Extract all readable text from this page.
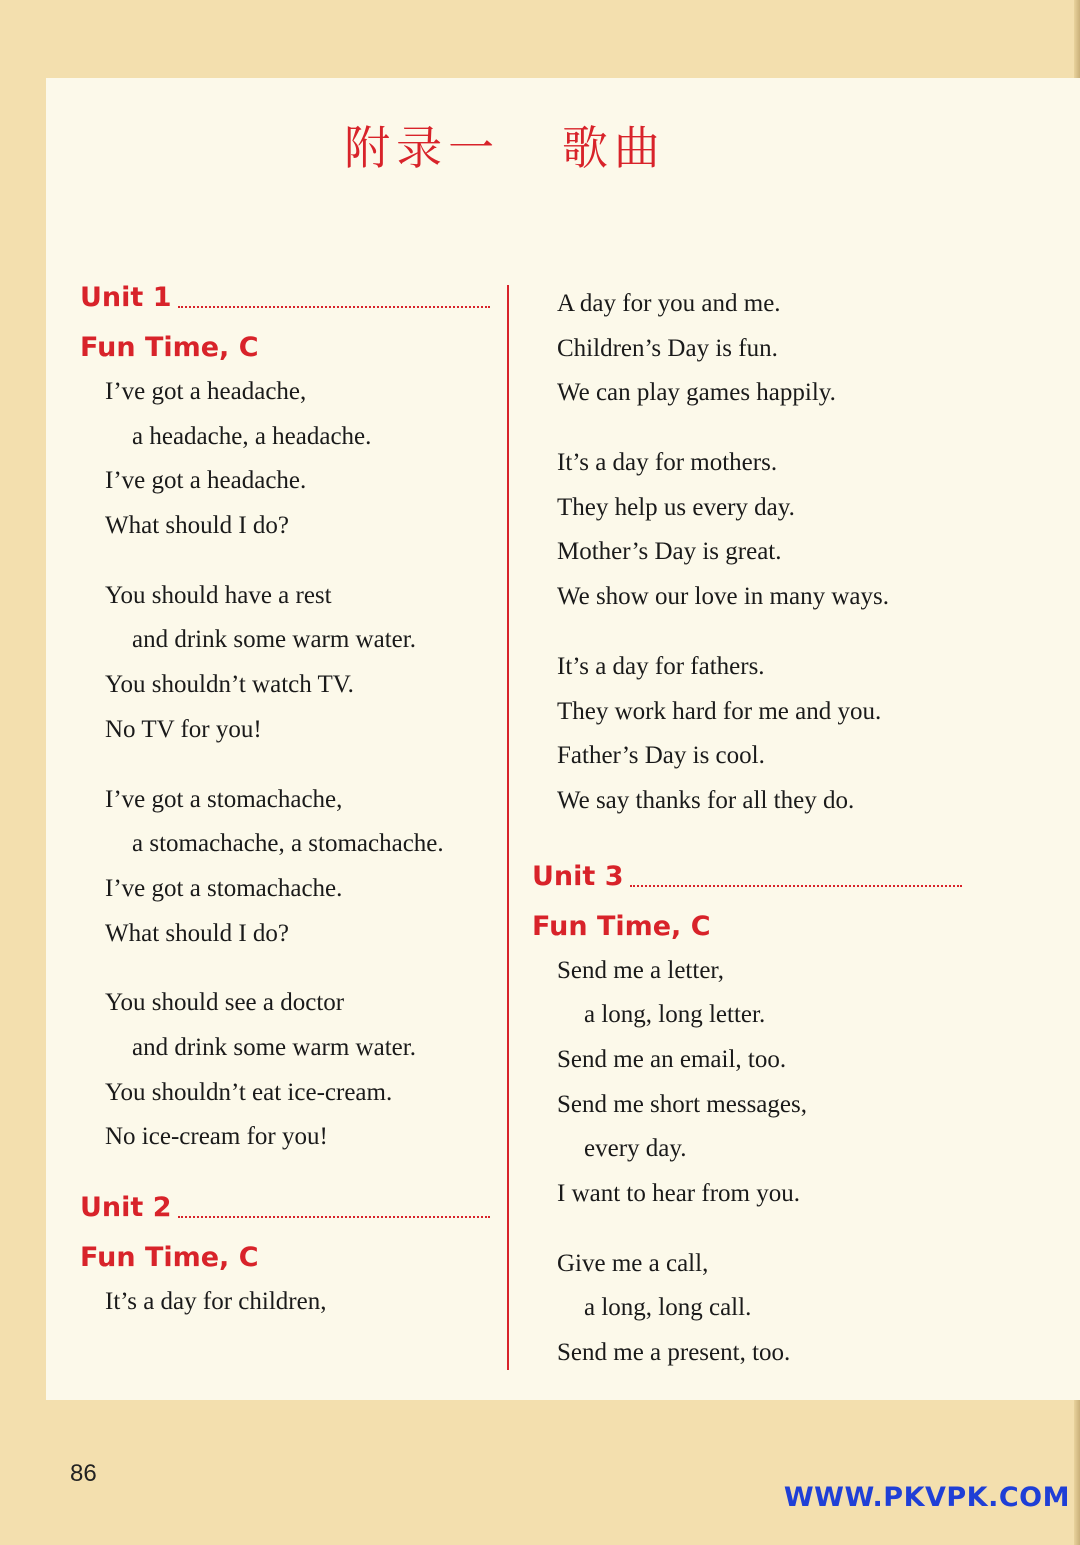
附录一   歌曲
Unit 1
Fun Time, C
I’ve got a headache,
a headache, a headache.
I’ve got a headache.
What should I do?
You should have a rest
and drink some warm water.
You shouldn’t watch TV.
No TV for you!
I’ve got a stomachache,
a stomachache, a stomachache.
I’ve got a stomachache.
What should I do?
You should see a doctor
and drink some warm water.
You shouldn’t eat ice-cream.
No ice-cream for you!
Unit 2
Fun Time, C
It’s a day for children,
A day for you and me.
Children’s Day is fun.
We can play games happily.
It’s a day for mothers.
They help us every day.
Mother’s Day is great.
We show our love in many ways.
It’s a day for fathers.
They work hard for me and you.
Father’s Day is cool.
We say thanks for all they do.
Unit 3
Fun Time, C
Send me a letter,
a long, long letter.
Send me an email, too.
Send me short messages,
every day.
I want to hear from you.
Give me a call,
a long, long call.
Send me a present, too.
86
WWW.PKVPK.COM
